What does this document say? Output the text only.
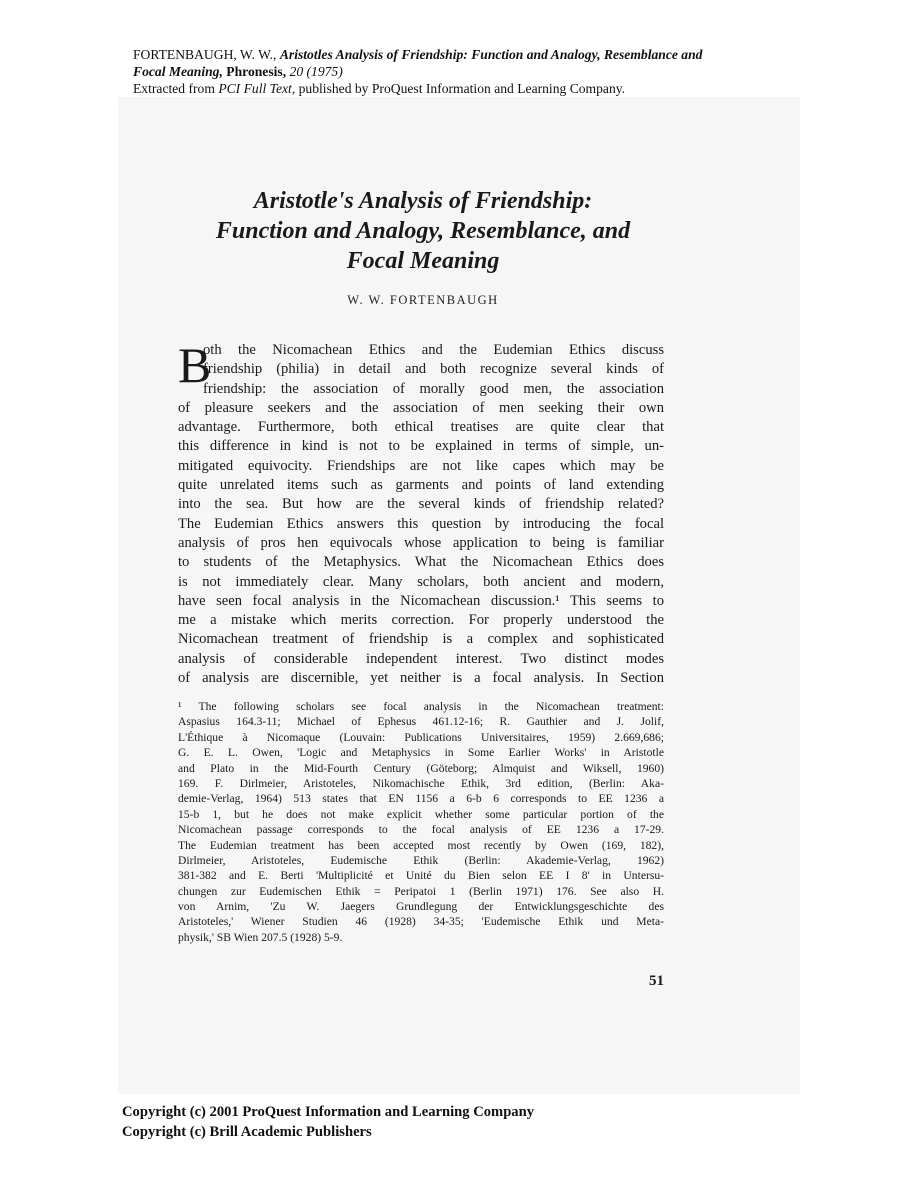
FORTENBAUGH, W. W., Aristotles Analysis of Friendship: Function and Analogy, Resemblance and
Focal Meaning, Phronesis, 20 (1975)
Extracted from PCI Full Text, published by ProQuest Information and Learning Company.
Aristotle's Analysis of Friendship:
Function and Analogy, Resemblance, and
Focal Meaning
W. W. FORTENBAUGH
B
oth the Nicomachean Ethics and the Eudemian Ethics discuss
friendship (philia) in detail and both recognize several kinds of
friendship: the association of morally good men, the association
of pleasure seekers and the association of men seeking their own
advantage. Furthermore, both ethical treatises are quite clear that
this difference in kind is not to be explained in terms of simple, un-
mitigated equivocity. Friendships are not like capes which may be
quite unrelated items such as garments and points of land extending
into the sea. But how are the several kinds of friendship related?
The Eudemian Ethics answers this question by introducing the focal
analysis of pros hen equivocals whose application to being is familiar
to students of the Metaphysics. What the Nicomachean Ethics does
is not immediately clear. Many scholars, both ancient and modern,
have seen focal analysis in the Nicomachean discussion.¹ This seems to
me a mistake which merits correction. For properly understood the
Nicomachean treatment of friendship is a complex and sophisticated
analysis of considerable independent interest. Two distinct modes
of analysis are discernible, yet neither is a focal analysis. In Section
¹ The following scholars see focal analysis in the Nicomachean treatment:
Aspasius 164.3-11; Michael of Ephesus 461.12-16; R. Gauthier and J. Jolif,
L'Éthique à Nicomaque (Louvain: Publications Universitaires, 1959) 2.669,686;
G. E. L. Owen, 'Logic and Metaphysics in Some Earlier Works' in Aristotle
and Plato in the Mid-Fourth Century (Göteborg; Almquist and Wiksell, 1960)
169. F. Dirlmeier, Aristoteles, Nikomachische Ethik, 3rd edition, (Berlin: Aka-
demie-Verlag, 1964) 513 states that EN 1156 a 6-b 6 corresponds to EE 1236 a
15-b 1, but he does not make explicit whether some particular portion of the
Nicomachean passage corresponds to the focal analysis of EE 1236 a 17-29.
The Eudemian treatment has been accepted most recently by Owen (169, 182),
Dirlmeier, Aristoteles, Eudemische Ethik (Berlin: Akademie-Verlag, 1962)
381-382 and E. Berti 'Multiplicité et Unité du Bien selon EE I 8' in Untersu-
chungen zur Eudemischen Ethik = Peripatoi 1 (Berlin 1971) 176. See also H.
von Arnim, 'Zu W. Jaegers Grundlegung der Entwicklungsgeschichte des
Aristoteles,' Wiener Studien 46 (1928) 34-35; 'Eudemische Ethik und Meta-
physik,' SB Wien 207.5 (1928) 5-9.
51
Copyright (c) 2001 ProQuest Information and Learning Company
Copyright (c) Brill Academic Publishers
